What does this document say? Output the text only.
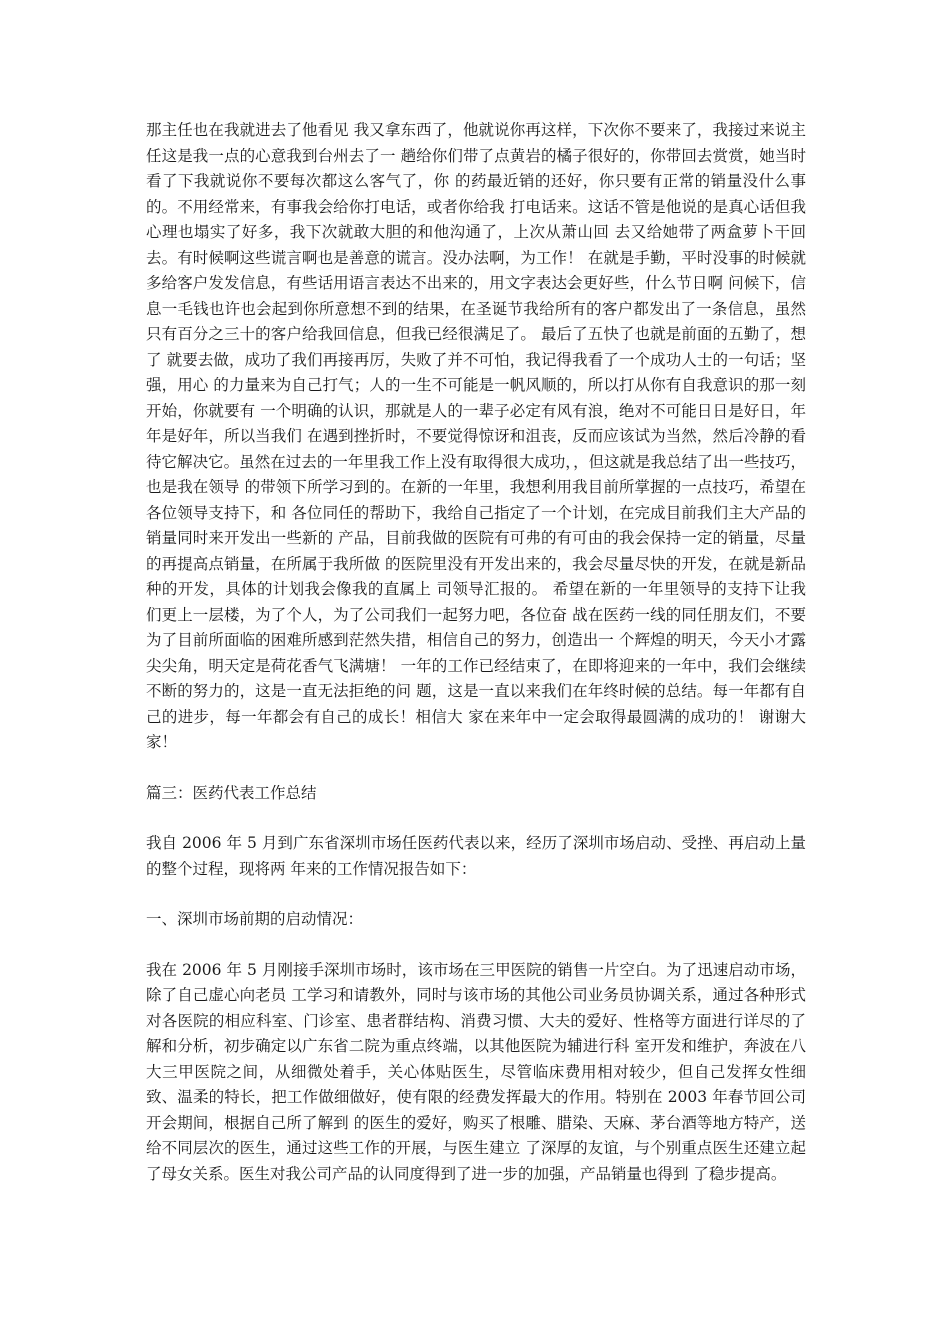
那主任也在我就进去了他看见 我又拿东西了，他就说你再这样，下次你不要来了，我接过来说主任这是我一点的心意我到台州去了一 趟给你们带了点黄岩的橘子很好的，你带回去赏赏，她当时看了下我就说你不要每次都这么客气了，你 的药最近销的还好，你只要有正常的销量没什么事的。不用经常来，有事我会给你打电话，或者你给我 打电话来。这话不管是他说的是真心话但我心理也塌实了好多，我下次就敢大胆的和他沟通了，上次从萧山回 去又给她带了两盒萝卜干回去。有时候啊这些谎言啊也是善意的谎言。没办法啊，为工作！ 在就是手勤，平时没事的时候就多给客户发发信息，有些话用语言表达不出来的，用文字表达会更好些，什么节日啊 问候下，信息一毛钱也许也会起到你所意想不到的结果，在圣诞节我给所有的客户都发出了一条信息，虽然只有百分之三十的客户给我回信息，但我已经很满足了。 最后了五快了也就是前面的五勤了，想了 就要去做，成功了我们再接再厉，失败了并不可怕，我记得我看了一个成功人士的一句话；坚强，用心 的力量来为自己打气；人的一生不可能是一帆风顺的，所以打从你有自我意识的那一刻开始，你就要有 一个明确的认识，那就是人的一辈子必定有风有浪，绝对不可能日日是好日，年年是好年，所以当我们 在遇到挫折时，不要觉得惊讶和沮丧，反而应该试为当然，然后冷静的看待它解决它。虽然在过去的一年里我工作上没有取得很大成功，，但这就是我总结了出一些技巧，也是我在领导 的带领下所学习到的。在新的一年里，我想利用我目前所掌握的一点技巧，希望在各位领导支持下，和 各位同任的帮助下，我给自己指定了一个计划，在完成目前我们主大产品的销量同时来开发出一些新的 产品，目前我做的医院有可弗的有可由的我会保持一定的销量，尽量的再提高点销量，在所属于我所做 的医院里没有开发出来的，我会尽量尽快的开发，在就是新品种的开发，具体的计划我会像我的直属上 司领导汇报的。 希望在新的一年里领导的支持下让我们更上一层楼，为了个人，为了公司我们一起努力吧，各位奋 战在医药一线的同任朋友们，不要为了目前所面临的困难所感到茫然失措，相信自己的努力，创造出一 个辉煌的明天，今天小才露尖尖角，明天定是荷花香气飞满塘！ 一年的工作已经结束了，在即将迎来的一年中，我们会继续不断的努力的，这是一直无法拒绝的问 题，这是一直以来我们在年终时候的总结。每一年都有自己的进步，每一年都会有自己的成长！相信大 家在来年中一定会取得最圆满的成功的！ 谢谢大家！

篇三：医药代表工作总结

我自 2006 年 5 月到广东省深圳市场任医药代表以来，经历了深圳市场启动、受挫、再启动上量的整个过程，现将两 年来的工作情况报告如下：

一、深圳市场前期的启动情况：

我在 2006 年 5 月刚接手深圳市场时，该市场在三甲医院的销售一片空白。为了迅速启动市场，除了自己虚心向老员 工学习和请教外，同时与该市场的其他公司业务员协调关系，通过各种形式对各医院的相应科室、门诊室、患者群结构、消费习惯、大夫的爱好、性格等方面进行详尽的了解和分析，初步确定以广东省二院为重点终端，以其他医院为辅进行科 室开发和维护，奔波在八大三甲医院之间，从细微处着手，关心体贴医生，尽管临床费用相对较少，但自己发挥女性细致、温柔的特长，把工作做细做好，使有限的经费发挥最大的作用。特别在 2003 年春节回公司开会期间，根据自己所了解到 的医生的爱好，购买了根雕、腊染、天麻、茅台酒等地方特产，送给不同层次的医生，通过这些工作的开展，与医生建立 了深厚的友谊，与个别重点医生还建立起了母女关系。医生对我公司产品的认同度得到了进一步的加强，产品销量也得到 了稳步提高。
